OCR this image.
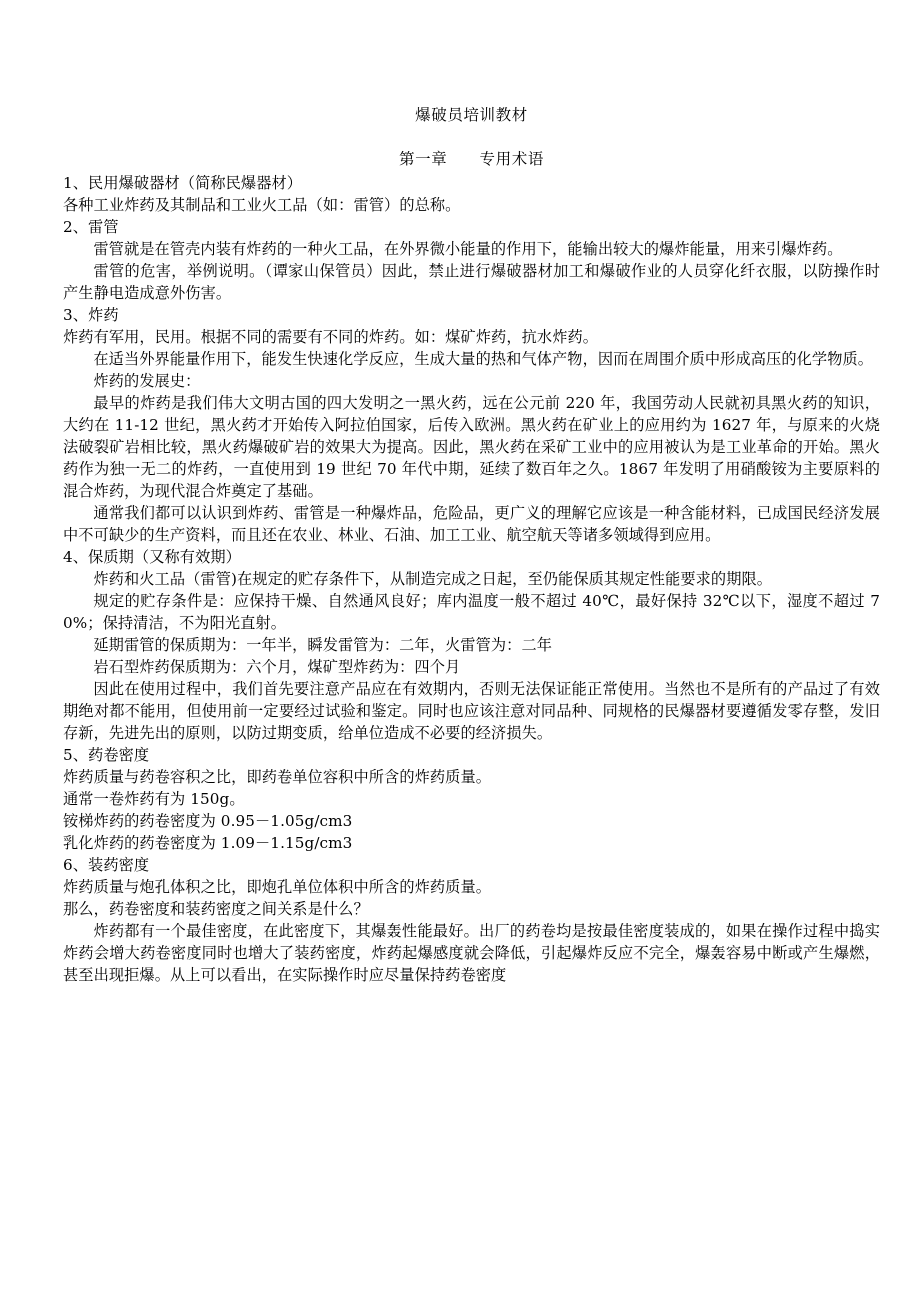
爆破员培训教材
第一章　　专用术语

1、民用爆破器材（简称民爆器材）

各种工业炸药及其制品和工业火工品（如：雷管）的总称。

2、雷管

雷管就是在管壳内装有炸药的一种火工品，在外界微小能量的作用下，能输出较大的爆炸能量，用来引爆炸药。

雷管的危害，举例说明。（谭家山保管员）因此，禁止进行爆破器材加工和爆破作业的人员穿化纤衣服，以防操作时产生静电造成意外伤害。

3、炸药

炸药有军用，民用。根据不同的需要有不同的炸药。如：煤矿炸药，抗水炸药。

在适当外界能量作用下，能发生快速化学反应，生成大量的热和气体产物，因而在周围介质中形成高压的化学物质。

炸药的发展史：

最早的炸药是我们伟大文明古国的四大发明之一黑火药，远在公元前 220 年，我国劳动人民就初具黑火药的知识，大约在 11-12 世纪，黑火药才开始传入阿拉伯国家，后传入欧洲。黑火药在矿业上的应用约为 1627 年，与原来的火烧法破裂矿岩相比较，黑火药爆破矿岩的效果大为提高。因此，黑火药在采矿工业中的应用被认为是工业革命的开始。黑火药作为独一无二的炸药，一直使用到 19 世纪 70 年代中期，延续了数百年之久。1867 年发明了用硝酸铵为主要原料的混合炸药，为现代混合炸奠定了基础。

通常我们都可以认识到炸药、雷管是一种爆炸品，危险品，更广义的理解它应该是一种含能材料，已成国民经济发展中不可缺少的生产资料，而且还在农业、林业、石油、加工工业、航空航天等诸多领域得到应用。

4、保质期（又称有效期）

炸药和火工品（雷管)在规定的贮存条件下，从制造完成之日起，至仍能保质其规定性能要求的期限。

规定的贮存条件是：应保持干燥、自然通风良好；库内温度一般不超过 40℃，最好保持 32℃以下，湿度不超过 70%；保持清洁，不为阳光直射。

延期雷管的保质期为：一年半，瞬发雷管为：二年，火雷管为：二年

岩石型炸药保质期为：六个月，煤矿型炸药为：四个月

因此在使用过程中，我们首先要注意产品应在有效期内，否则无法保证能正常使用。当然也不是所有的产品过了有效期绝对都不能用，但使用前一定要经过试验和鉴定。同时也应该注意对同品种、同规格的民爆器材要遵循发零存整，发旧存新，先进先出的原则，以防过期变质，给单位造成不必要的经济损失。

5、药卷密度

炸药质量与药卷容积之比，即药卷单位容积中所含的炸药质量。

通常一卷炸药有为 150g。

铵梯炸药的药卷密度为 0.95－1.05g/cm3

乳化炸药的药卷密度为 1.09－1.15g/cm3

6、装药密度

炸药质量与炮孔体积之比，即炮孔单位体积中所含的炸药质量。

那么，药卷密度和装药密度之间关系是什么？

炸药都有一个最佳密度，在此密度下，其爆轰性能最好。出厂的药卷均是按最佳密度装成的，如果在操作过程中捣实炸药会增大药卷密度同时也增大了装药密度，炸药起爆感度就会降低，引起爆炸反应不完全，爆轰容易中断或产生爆燃，甚至出现拒爆。从上可以看出，在实际操作时应尽量保持药卷密度
